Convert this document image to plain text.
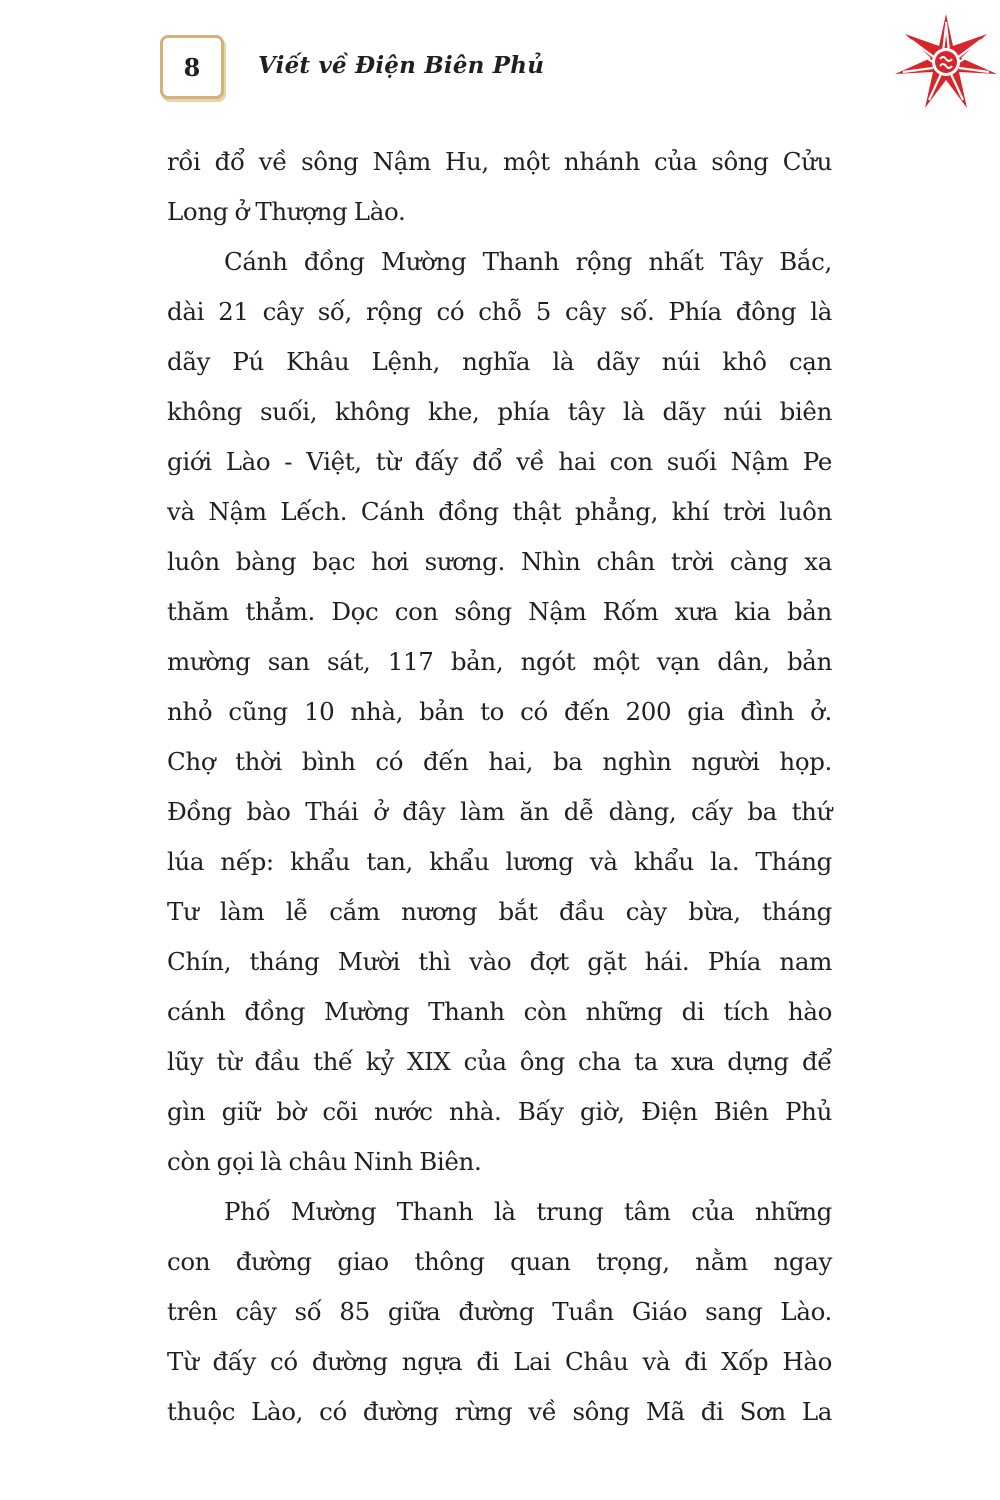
8	Viết về Điện Biên Phủ
rồi đổ về sông Nậm Hu, một nhánh của sông Cửu
Long ở Thượng Lào.
Cánh đồng Mường Thanh rộng nhất Tây Bắc,
dài 21 cây số, rộng có chỗ 5 cây số. Phía đông là
dãy Pú Khâu Lệnh, nghĩa là dãy núi khô cạn
không suối, không khe, phía tây là dãy núi biên
giới Lào - Việt, từ đấy đổ về hai con suối Nậm Pe
và Nậm Lếch. Cánh đồng thật phẳng, khí trời luôn
luôn bàng bạc hơi sương. Nhìn chân trời càng xa
thăm thẳm. Dọc con sông Nậm Rốm xưa kia bản
mường san sát, 117 bản, ngót một vạn dân, bản
nhỏ cũng 10 nhà, bản to có đến 200 gia đình ở.
Chợ thời bình có đến hai, ba nghìn người họp.
Đồng bào Thái ở đây làm ăn dễ dàng, cấy ba thứ
lúa nếp: khẩu tan, khẩu lương và khẩu la. Tháng
Tư làm lễ cắm nương bắt đầu cày bừa, tháng
Chín, tháng Mười thì vào đợt gặt hái. Phía nam
cánh đồng Mường Thanh còn những di tích hào
lũy từ đầu thế kỷ XIX của ông cha ta xưa dựng để
gìn giữ bờ cõi nước nhà. Bấy giờ, Điện Biên Phủ
còn gọi là châu Ninh Biên.
Phố Mường Thanh là trung tâm của những
con đường giao thông quan trọng, nằm ngay
trên cây số 85 giữa đường Tuần Giáo sang Lào.
Từ đấy có đường ngựa đi Lai Châu và đi Xốp Hào
thuộc Lào, có đường rừng về sông Mã đi Sơn La
